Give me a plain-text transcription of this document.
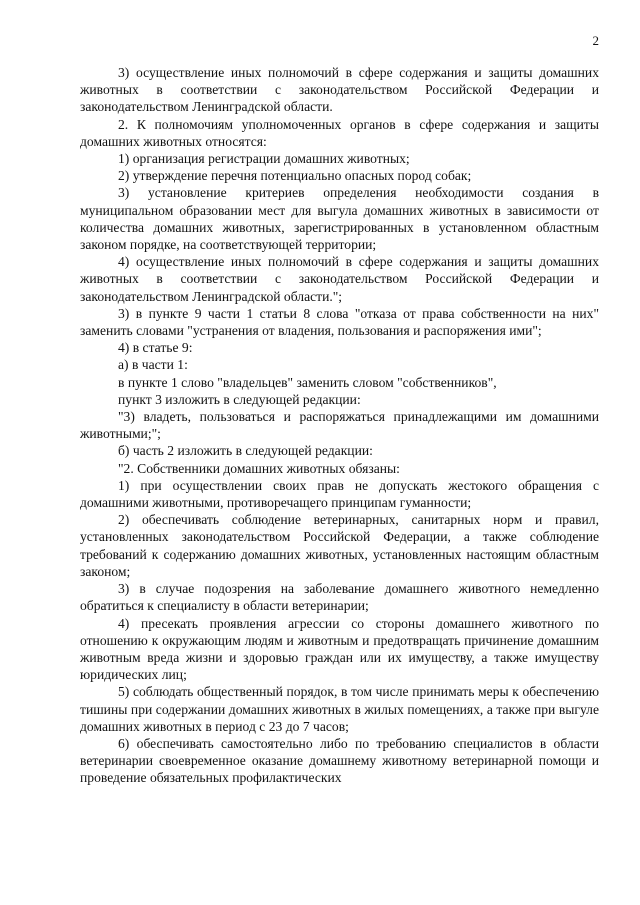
2

3) осуществление иных полномочий в сфере содержания и защиты домашних животных в соответствии с законодательством Российской Федерации и законодательством Ленинградской области.

2. К полномочиям уполномоченных органов в сфере содержания и защиты домашних животных относятся:

1) организация регистрации домашних животных;

2) утверждение перечня потенциально опасных пород собак;

3) установление критериев определения необходимости создания в муниципальном образовании мест для выгула домашних животных в зависимости от количества домашних животных, зарегистрированных в установленном областным законом порядке, на соответствующей территории;

4) осуществление иных полномочий в сфере содержания и защиты домашних животных в соответствии с законодательством Российской Федерации и законодательством Ленинградской области.";

3) в пункте 9 части 1 статьи 8 слова "отказа от права собственности на них" заменить словами "устранения от владения, пользования и распоряжения ими";

4) в статье 9:

а) в части 1:

в пункте 1 слово "владельцев" заменить словом "собственников",

пункт 3 изложить в следующей редакции:

"3) владеть, пользоваться и распоряжаться принадлежащими им домашними животными;";

б) часть 2 изложить в следующей редакции:

"2. Собственники домашних животных обязаны:

1) при осуществлении своих прав не допускать жестокого обращения с домашними животными, противоречащего принципам гуманности;

2) обеспечивать соблюдение ветеринарных, санитарных норм и правил, установленных законодательством Российской Федерации, а также соблюдение требований к содержанию домашних животных, установленных настоящим областным законом;

3) в случае подозрения на заболевание домашнего животного немедленно обратиться к специалисту в области ветеринарии;

4) пресекать проявления агрессии со стороны домашнего животного по отношению к окружающим людям и животным и предотвращать причинение домашним животным вреда жизни и здоровью граждан или их имуществу, а также имуществу юридических лиц;

5) соблюдать общественный порядок, в том числе принимать меры к обеспечению тишины при содержании домашних животных в жилых помещениях, а также при выгуле домашних животных в период с 23 до 7 часов;

6) обеспечивать самостоятельно либо по требованию специалистов в области ветеринарии своевременное оказание домашнему животному ветеринарной помощи и проведение обязательных профилактических
